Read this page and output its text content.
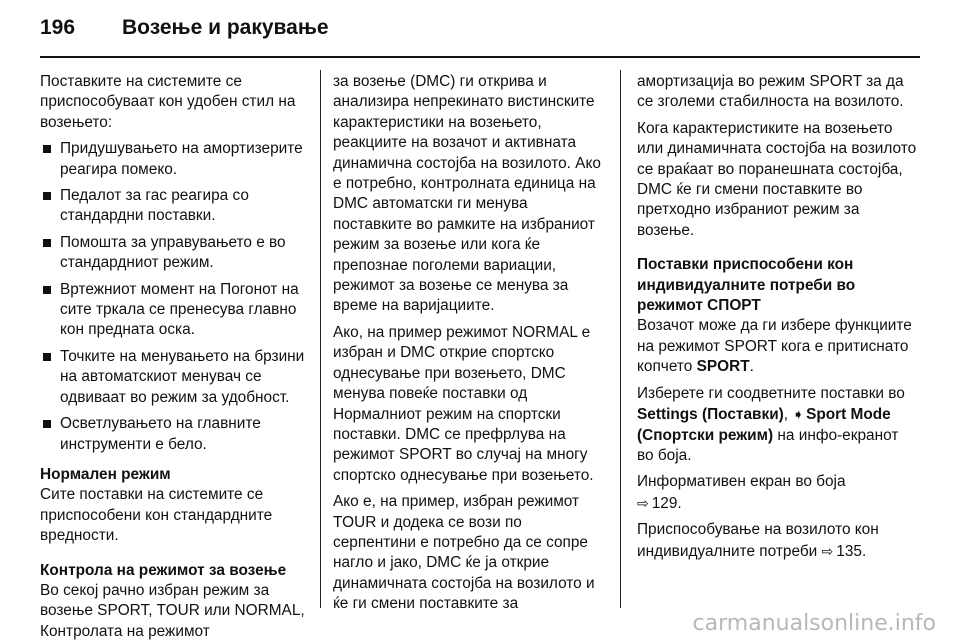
196 Возење и ракување

Поставките на системите се приспособуваат кон удобен стил на возењето:

Придушувањето на амортизерите реагира помеко.
Педалот за гас реагира со стандардни поставки.
Помошта за управувањето е во стандардниот режим.
Вртежниот момент на Погонот на сите тркала се пренесува главно кон предната оска.
Точките на менувањето на брзини на автоматскиот менувач се одвиваат во режим за удобност.
Осветлувањето на главните инструменти е бело.
Нормален режим

Сите поставки на системите се приспособени кон стандардните вредности.

Контрола на режимот за возење

Во секој рачно избран режим за возење SPORT, TOUR или NORMAL, Контролата на режимот

за возење (DMC) ги открива и анализира непрекинато вистинските карактеристики на возењето, реакциите на возачот и активната динамична состојба на возилото. Ако е потребно, контролната единица на DMC автоматски ги менува поставките во рамките на избраниот режим за возење или кога ќе препознае поголеми вариации, режимот за возење се менува за време на варијациите.

Ако, на пример режимот NORMAL е избран и DMC открие спортско однесување при возењето, DMC менува повеќе поставки од Нормалниот режим на спортски поставки. DMC се префрлува на режимот SPORT во случај на многу спортско однесување при возењето.

Ако е, на пример, избран режимот TOUR и додека се вози по серпентини е потребно да се сопре нагло и јако, DMC ќе ја открие динамичната состојба на возилото и ќе ги смени поставките за

амортизација во режим SPORT за да се зголеми стабилноста на возилото.

Кога карактеристиките на возењето или динамичната состојба на возилото се враќаат во поранешната состојба, DMC ќе ги смени поставките во претходно избраниот режим за возење.

Поставки приспособени кон индивидуалните потреби во режимот СПОРТ

Возачот може да ги избере функциите на режимот SPORT кога е притиснато копчето SPORT.

Изберете ги соодветните поставки во Settings (Поставки), ➧ Sport Mode (Спортски режим) на инфо-екранот во боја.

Информативен екран во боја
⇨ 129.

Приспособување на возилото кон индивидуалните потреби ⇨ 135.

carmanualsonline.info
